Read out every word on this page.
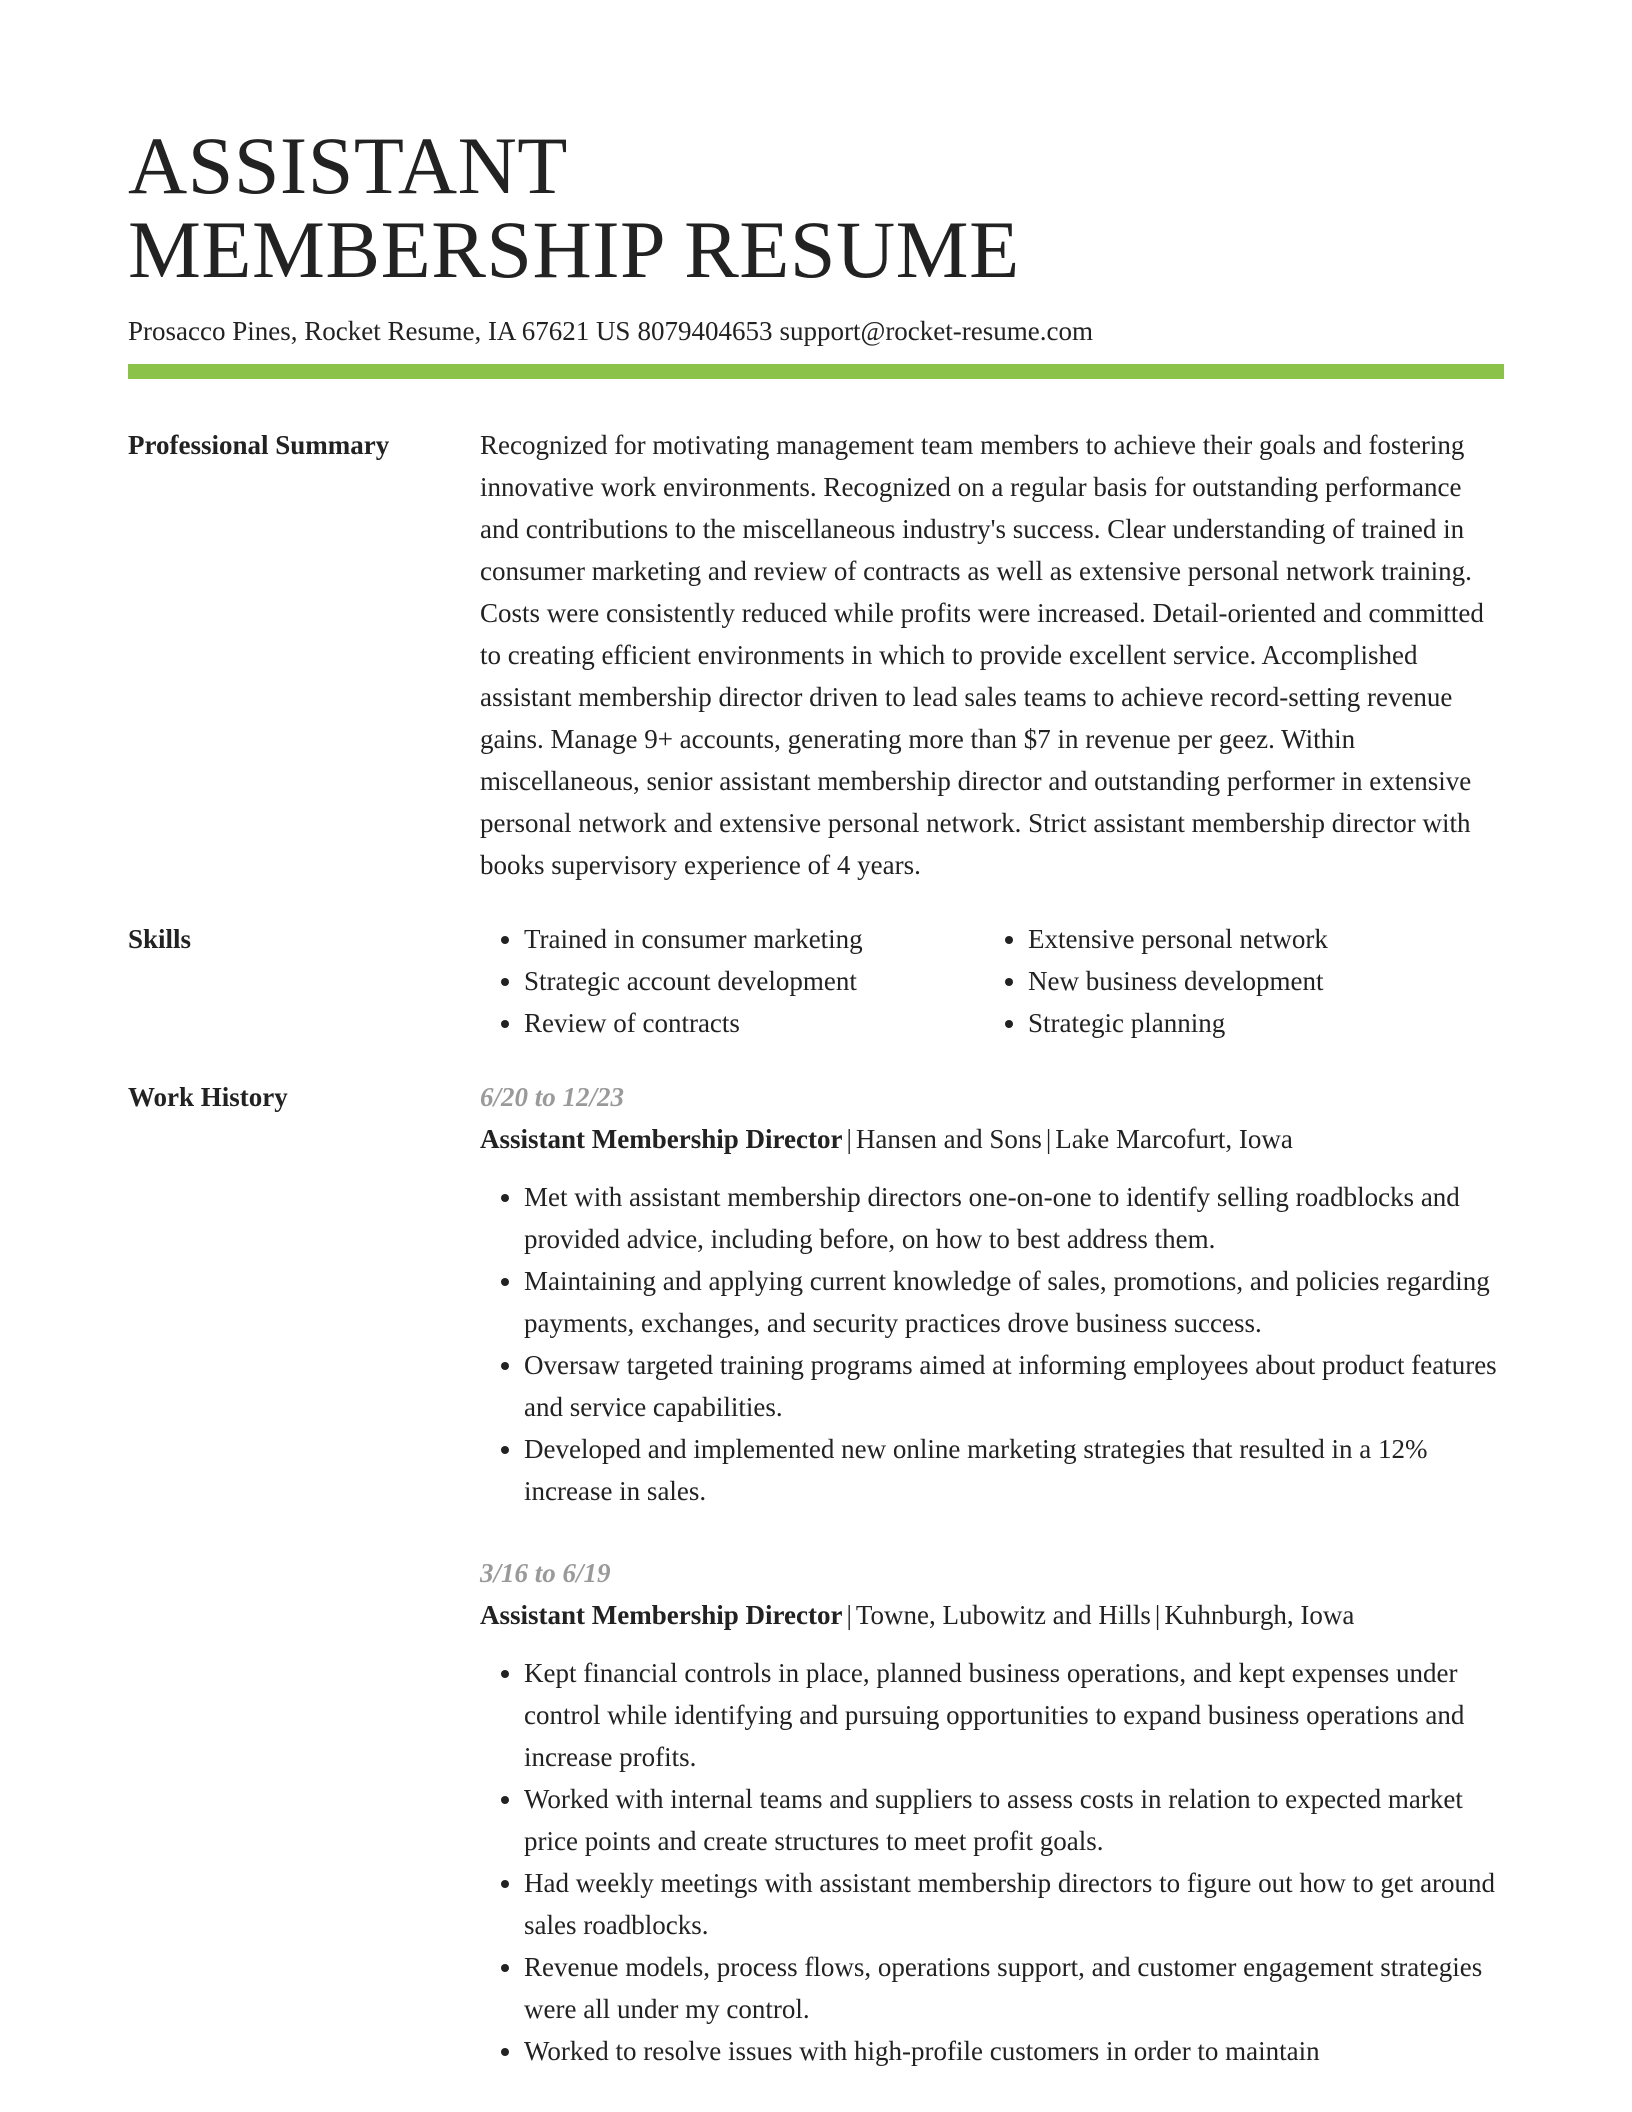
ASSISTANT
MEMBERSHIP RESUME
Prosacco Pines, Rocket Resume, IA 67621 US 8079404653 support@rocket-resume.com
Professional Summary	Recognized for motivating management team members to achieve their goals and fostering innovative work environments. Recognized on a regular basis for outstanding performance and contributions to the miscellaneous industry's success. Clear understanding of trained in consumer marketing and review of contracts as well as extensive personal network training. Costs were consistently reduced while profits were increased. Detail-oriented and committed to creating efficient environments in which to provide excellent service. Accomplished assistant membership director driven to lead sales teams to achieve record-setting revenue gains. Manage 9+ accounts, generating more than $7 in revenue per geez. Within miscellaneous, senior assistant membership director and outstanding performer in extensive personal network and extensive personal network. Strict assistant membership director with books supervisory experience of 4 years.
Skills
•	Trained in consumer marketing
• Strategic account development
• Review of contracts
• Extensive personal network
• New business development
• Strategic planning
Work History	6/20 to 12/23
Assistant Membership Director | Hansen and Sons | Lake Marcofurt, Iowa
• Met with assistant membership directors one-on-one to identify selling roadblocks and provided advice, including before, on how to best address them.
• Maintaining and applying current knowledge of sales, promotions, and policies regarding payments, exchanges, and security practices drove business success.
• Oversaw targeted training programs aimed at informing employees about product features and service capabilities.
• Developed and implemented new online marketing strategies that resulted in a 12% increase in sales.
3/16 to 6/19
Assistant Membership Director | Towne, Lubowitz and Hills | Kuhnburgh, Iowa
• Kept financial controls in place, planned business operations, and kept expenses under control while identifying and pursuing opportunities to expand business operations and increase profits.
• Worked with internal teams and suppliers to assess costs in relation to expected market price points and create structures to meet profit goals.
• Had weekly meetings with assistant membership directors to figure out how to get around sales roadblocks.
• Revenue models, process flows, operations support, and customer engagement strategies were all under my control.
• Worked to resolve issues with high-profile customers in order to maintain
